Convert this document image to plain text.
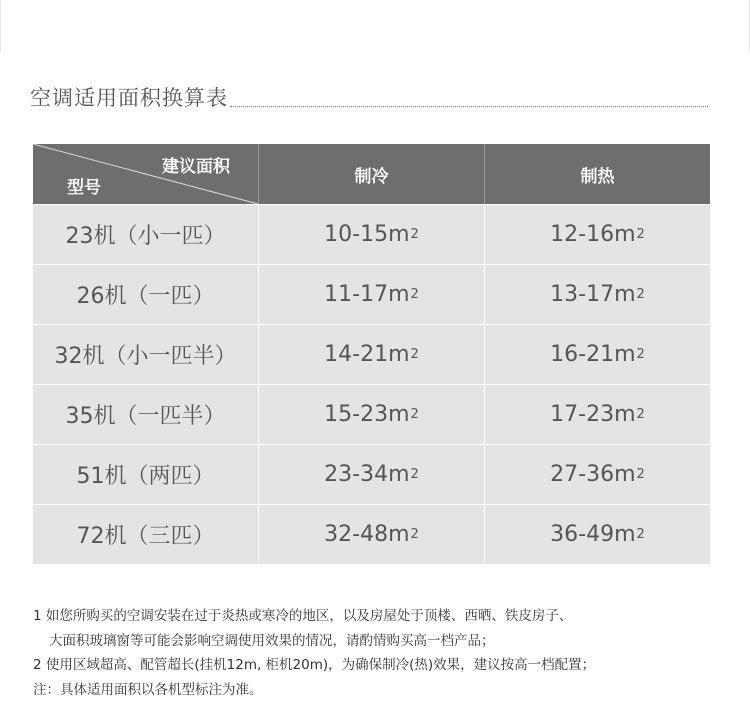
空调适用面积换算表
建议面积
型号
制冷	制热
23机（小一匹）	10-15m 2	12-16m 2
26机（一匹）	11-17m 2	13-17m 2
32机（小一匹半）	14-21m 2	16-21m 2
35机（一匹半）	15-23m 2	17-23m 2
51机（两匹）	23-34m 2	27-36m 2
72机（三匹）	32-48m 2	36-49m 2
1 如您所购买的空调安装在过于炎热或寒冷的地区，以及房屋处于顶楼、西晒、铁皮房子、
大面积玻璃窗等可能会影响空调使用效果的情况，请酌情购买高一档产品；
2 使用区域超高、配管超长(挂机12m, 柜机20m)，为确保制冷(热)效果，建议按高一档配置；
注：具体适用面积以各机型标注为准。
